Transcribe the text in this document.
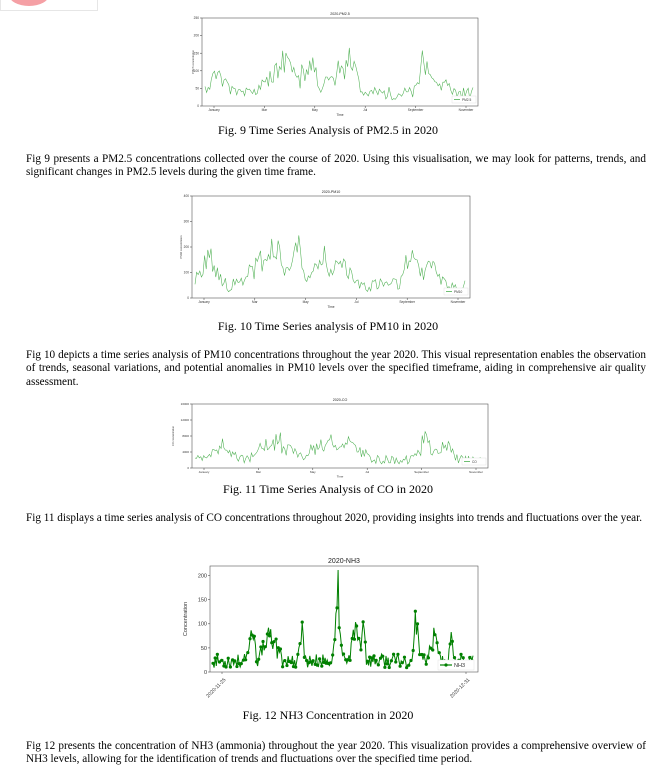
2020-PM2.5
0
50
100
150
200
250
January	Mar	May	Jul	September	November
Time
PM2.5 concentration
PM2.5
Fig. 9 Time Series Analysis of PM2.5 in 2020
Fig 9 presents a PM2.5 concentrations collected over the course of 2020. Using this visualisation, we may look for patterns, trends, and significant changes in PM2.5 levels during the given time frame.
2020-PM10
0
100
200
300
400
January	Mar	May	Jul	September	November
Time
PM10 concentration
PM10
Fig. 10 Time Series analysis of PM10 in 2020
Fig 10 depicts a time series analysis of PM10 concentrations throughout the year 2020. This visual representation enables the observation of trends, seasonal variations, and potential anomalies in PM10 levels over the specified timeframe, aiding in comprehensive air quality assessment.
2020-CO
0
4000
8000
12000
16000
January	Mar	May	Jul	September	November
Time
CO concentration
CO
Fig. 11 Time Series Analysis of CO in 2020
Fig 11 displays a time series analysis of CO concentrations throughout 2020, providing insights into trends and fluctuations over the year.
2020-NH3
0
50
100
150
200
2020-11-25	2020-12-31
Concentration
NH3
Fig. 12 NH3 Concentration in 2020
Fig 12 presents the concentration of NH3 (ammonia) throughout the year 2020. This visualization provides a comprehensive overview of NH3 levels, allowing for the identification of trends and fluctuations over the specified time period.
